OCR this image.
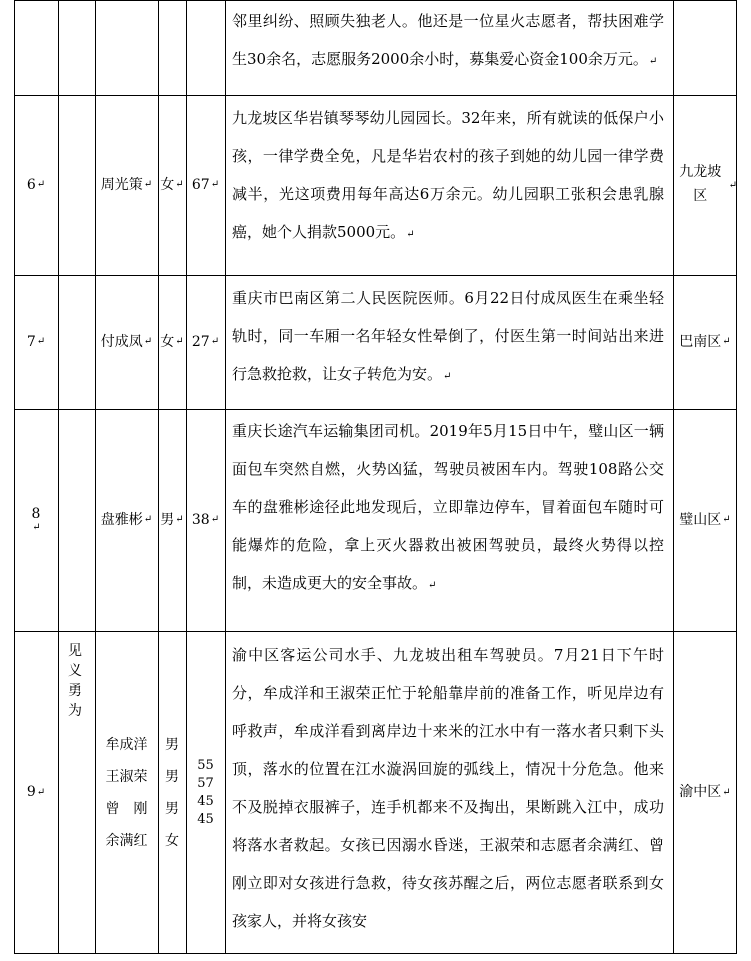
邻里纠纷、照顾失独老人。他还是一位星火志愿者，帮扶困难学生30余名，志愿服务2000余小时，募集爱心资金100余万元。↵
6 ↵	周光策 ↵ 女 ↵ 67 ↵
九龙坡区华岩镇琴琴幼儿园园长。32年来，所有就读的低保户小孩，一律学费全免，凡是华岩农村的孩子到她的幼儿园一律学费减半，光这项费用每年高达6万余元。幼儿园职工张积会患乳腺癌，她个人捐款5000元。↵
九龙坡区
↵
7 ↵	付成凤 ↵ 女 ↵ 27 ↵
重庆市巴南区第二人民医院医师。6月22日付成凤医生在乘坐轻轨时，同一车厢一名年轻女性晕倒了，付医生第一时间站出来进行急救抢救，让女子转危为安。↵
巴南区 ↵
8
↵
盘雅彬 ↵ 男 ↵ 38 ↵
重庆长途汽车运输集团司机。2019年5月15日中午，璧山区一辆面包车突然自燃，火势凶猛，驾驶员被困车内。驾驶108路公交车的盘雅彬途径此地发现后，立即靠边停车，冒着面包车随时可能爆炸的危险，拿上灭火器救出被困驾驶员，最终火势得以控制，未造成更大的安全事故。↵
璧山区 ↵
见义勇为
9 ↵
牟成洋
王淑荣
曾　刚
余满红
男
男
男
女
55
57
45
45
渝中区客运公司水手、九龙坡出租车驾驶员。7月21日下午时分，牟成洋和王淑荣正忙于轮船靠岸前的准备工作，听见岸边有呼救声，牟成洋看到离岸边十来米的江水中有一落水者只剩下头顶，落水的位置在江水漩涡回旋的弧线上，情况十分危急。他来不及脱掉衣服裤子，连手机都来不及掏出，果断跳入江中，成功将落水者救起。女孩已因溺水昏迷，王淑荣和志愿者余满红、曾刚立即对女孩进行急救，待女孩苏醒之后，两位志愿者联系到女孩家人，并将女孩安
渝中区 ↵
